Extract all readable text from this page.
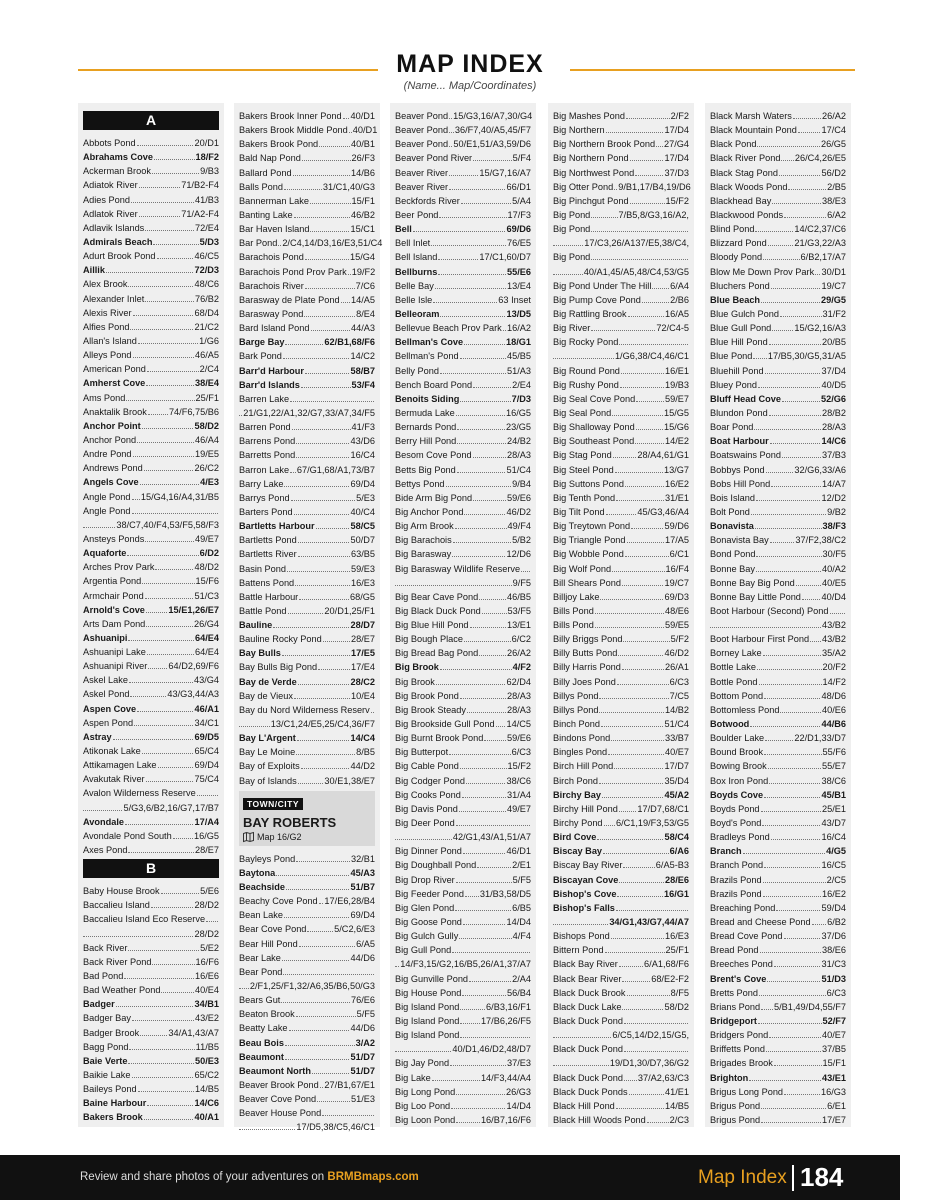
MAP INDEX
(Name... Map/Coordinates)
A
Abbots Pond	20/D1
Abrahams Cove	18/F2
Ackerman Brook	9/B3
Adiatok River	71/B2-F4
Adies Pond	41/B3
Adlatok River	71/A2-F4
Adlavik Islands	72/E4
Admirals Beach	5/D3
Adurt Brook Pond	46/C5
Aillik	72/D3
Alex Brook	48/C6
Alexander Inlet	76/B2
Alexis River	68/D4
Alfies Pond	21/C2
Allan's Island	1/G6
Alleys Pond	46/A5
American Pond	2/C4
Amherst Cove	38/E4
Ams Pond	25/F1
Anaktalik Brook 74/F6,75/B6
Anchor Point	58/D2
Anchor Pond	46/A4
Andre Pond	19/E5
Andrews Pond	26/C2
Angels Cove	4/E3
Angle Pond 15/G4,16/A4,31/B5
Angle Pond
38/C7,40/F4,53/F5,58/F3
Ansteys Ponds	49/E7
Aquaforte	6/D2
Arches Prov Park	48/D2
Argentia Pond	15/F6
Armchair Pond	51/C3
Arnold's Cove	15/E1,26/E7
Arts Dam Pond	26/G4
Ashuanipi	64/E4
Ashuanipi Lake	64/E4
Ashuanipi River 64/D2,69/F6
Askel Lake	43/G4
Askel Pond	43/G3,44/A3
Aspen Cove	46/A1
Aspen Pond	34/C1
Astray	69/D5
Atikonak Lake	65/C4
Attikamagen Lake	69/D4
Avakutak River	75/C4
Avalon Wilderness Reserve
5/G3,6/B2,16/G7,17/B7
Avondale	17/A4
Avondale Pond South 16/G5
Axes Pond	28/E7
B
Baby House Brook	5/E6
Baccalieu Island	28/D2
Baccalieu Island Eco Reserve
28/D2
Back River	5/E2
Back River Pond	16/F6
Bad Pond	16/E6
Bad Weather Pond	40/E4
Badger	34/B1
Badger Bay	43/E2
Badger Brook	34/A1,43/A7
Bagg Pond	11/B5
Baie Verte	50/E3
Baikie Lake	65/C2
Baileys Pond	14/B5
Baine Harbour	14/C6
Bakers Brook	40/A1
Bakers Brook Inner Pond 40/D1
Bakers Brook Middle Pond 40/D1
Bakers Brook Pond	40/B1
Bald Nap Pond	26/F3
Ballard Pond	14/B6
Balls Pond	31/C1,40/G3
Bannerman Lake	15/F1
Banting Lake	46/B2
Bar Haven Island	15/C1
Bar Pond 2/C4,14/D3,16/E3,51/C4
Barachois Pond	15/G4
Barachois Pond Prov Park 19/F2
Barachois River	7/C6
Barasway de Plate Pond 14/A5
Barasway Pond	8/E4
Bard Island Pond	44/A3
Barge Bay	62/B1,68/F6
Bark Pond	14/C2
Barr'd Harbour	58/B7
Barr'd Islands	53/F4
Barren Lake
21/G1,22/A1,32/G7,33/A7,34/F5
Barren Pond	41/F3
Barrens Pond	43/D6
Barretts Pond	16/C4
Barron Lake 67/G1,68/A1,73/B7
Barry Lake	69/D4
Barrys Pond	5/E3
Barters Pond	40/C4
Bartletts Harbour	58/C5
Bartletts Pond	50/D7
Bartletts River	63/B5
Basin Pond	59/E3
Battens Pond	16/E3
Battle Harbour	68/G5
Battle Pond	20/D1,25/F1
Bauline	28/D7
Bauline Rocky Pond	28/E7
Bay Bulls	17/E5
Bay Bulls Big Pond	17/E4
Bay de Verde	28/C2
Bay de Vieux	10/E4
Bay du Nord Wilderness Reserv
13/C1,24/E5,25/C4,36/F7
Bay L'Argent	14/C4
Bay Le Moine	8/B5
Bay of Exploits	44/D2
Bay of Islands	30/E1,38/E7
TOWN/CITY
BAY ROBERTS
Map 16/G2
Bayleys Pond	32/B1
Baytona	45/A3
Beachside	51/B7
Beachy Cove Pond 17/E6,28/B4
Bean Lake	69/D4
Bear Cove Pond	5/C2,6/E3
Bear Hill Pond	6/A5
Bear Lake	44/D6
Bear Pond
2/F1,25/F1,32/A6,35/B6,50/G3
Bears Gut	76/E6
Beaton Brook	5/F5
Beatty Lake	44/D6
Beau Bois	3/A2
Beaumont	51/D7
Beaumont North	51/D7
Beaver Brook Pond 27/B1,67/E1
Beaver Cove Pond	51/E3
Beaver House Pond
17/D5,38/C5,46/C1
Beaver Pond 15/G3,16/A7,30/G4
Beaver Pond 36/F7,40/A5,45/F7
Beaver Pond 50/E1,51/A3,59/D6
Beaver Pond River	5/F4
Beaver River	15/G7,16/A7
Beaver River	66/D1
Beckfords River	5/A4
Beer Pond	17/F3
Bell	69/D6
Bell Inlet	76/E5
Bell Island	17/C1,60/D7
Bellburns	55/E6
Belle Bay	13/E4
Belle Isle	63 Inset
Belleoram	13/D5
Bellevue Beach Prov Park 16/A2
Bellman's Cove	18/G1
Bellman's Pond	45/B5
Belly Pond	51/A3
Bench Board Pond	2/E4
Benoits Siding	7/D3
Bermuda Lake	16/G5
Bernards Pond	23/G5
Berry Hill Pond	24/B2
Besom Cove Pond	28/A3
Betts Big Pond	51/C4
Bettys Pond	9/B4
Bide Arm Big Pond	59/E6
Big Anchor Pond	46/D2
Big Arm Brook	49/F4
Big Barachois	5/B2
Big Barasway	12/D6
Big Barasway Wildlife Reserve
9/F5
Big Bear Cave Pond	46/B5
Big Black Duck Pond	53/F5
Big Blue Hill Pond	13/E1
Big Bough Place	6/C2
Big Bread Bag Pond	26/A2
Big Brook	4/F2
Big Brook	62/D4
Big Brook Pond	28/A3
Big Brook Steady	28/A3
Big Brookside Gull Pond 14/C5
Big Burnt Brook Pond	59/E6
Big Butterpot	6/C3
Big Cable Pond	15/F2
Big Codger Pond	38/C6
Big Cooks Pond	31/A4
Big Davis Pond	49/E7
Big Deer Pond
42/G1,43/A1,51/A7
Big Dinner Pond	46/D1
Big Doughball Pond	2/E1
Big Drop River	5/F5
Big Feeder Pond 31/B3,58/D5
Big Glen Pond	6/B5
Big Goose Pond	14/D4
Big Gulch Gully	4/F4
Big Gull Pond
14/F3,15/G2,16/B5,26/A1,37/A7
Big Gunville Pond	2/A4
Big House Pond	56/B4
Big Island Pond	6/B3,16/F1
Big Island Pond 17/B6,26/F5
Big Island Pond
40/D1,46/D2,48/D7
Big Jay Pond	37/E3
Big Lake	14/F3,44/A4
Big Long Pond	26/G3
Big Loo Pond	14/D4
Big Loon Pond	16/B7,16/F6
Big Mashes Pond	2/F2
Big Northern	17/D4
Big Northern Brook Pond 27/G4
Big Northern Pond	17/D4
Big Northwest Pond	37/D3
Big Otter Pond 9/B1,17/B4,19/D6
Big Pinchgut Pond	15/F2
Big Pond	7/B5,8/G3,16/A2,
Big Pond
17/C3,26/A137/E5,38/C4,
Big Pond
40/A1,45/A5,48/C4,53/G5
Big Pond Under The Hill 6/A4
Big Pump Cove Pond	2/B6
Big Rattling Brook	16/A5
Big River	72/C4-5
Big Rocky Pond
1/G6,38/C4,46/C1
Big Round Pond	16/E1
Big Rushy Pond	19/B3
Big Seal Cove Pond	59/E7
Big Seal Pond	15/G5
Big Shalloway Pond	15/G6
Big Southeast Pond	14/E2
Big Stag Pond	28/A4,61/G1
Big Steel Pond	13/G7
Big Suttons Pond	16/E2
Big Tenth Pond	31/E1
Big Tilt Pond	45/G3,46/A4
Big Treytown Pond	59/D6
Big Triangle Pond	17/A5
Big Wobble Pond	6/C1
Big Wolf Pond	16/F4
Bill Shears Pond	19/C7
Billjoy Lake	69/D3
Bills Pond	48/E6
Bills Pond	59/E5
Billy Briggs Pond	5/F2
Billy Butts Pond	46/D2
Billy Harris Pond	26/A1
Billy Joes Pond	6/C3
Billys Pond	7/C5
Billys Pond	14/B2
Binch Pond	51/C4
Bindons Pond	33/B7
Bingles Pond	40/E7
Birch Hill Pond	17/D7
Birch Pond	35/D4
Birchy Bay	45/A2
Birchy Hill Pond 17/D7,68/C1
Birchy Pond 6/C1,19/F3,53/G5
Bird Cove	58/C4
Biscay Bay	6/A6
Biscay Bay River	6/A5-B3
Biscayan Cove	28/E6
Bishop's Cove	16/G1
Bishop's Falls
34/G1,43/G7,44/A7
Bishops Pond	16/E3
Bittern Pond	25/F1
Black Bay River	6/A1,68/F6
Black Bear River	68/E2-F2
Black Duck Brook	8/F5
Black Duck Lake	58/D2
Black Duck Pond
6/C5,14/D2,15/G5,
Black Duck Pond
19/D1,30/D7,36/G2
Black Duck Pond 37/A2,63/C3
Black Duck Ponds	41/E1
Black Hill Pond	14/B5
Black Hill Woods Pond	2/C3
Black Marsh Waters	26/A2
Black Mountain Pond	17/C4
Black Pond	26/G5
Black River Pond 26/C4,26/E5
Black Stag Pond	56/D2
Black Woods Pond	2/B5
Blackhead Bay	38/E3
Blackwood Ponds	6/A2
Blind Pond	14/C2,37/C6
Blizzard Pond	21/G3,22/A3
Bloody Pond	6/B2,17/A7
Blow Me Down Prov Park 30/D1
Bluchers Pond	19/C7
Blue Beach	29/G5
Blue Gulch Pond	31/F2
Blue Gull Pond	15/G2,16/A3
Blue Hill Pond	20/B5
Blue Pond 17/B5,30/G5,31/A5
Bluehill Pond	37/D4
Bluey Pond	40/D5
Bluff Head Cove	52/G6
Blundon Pond	28/B2
Boar Pond	28/A3
Boat Harbour	14/C6
Boatswains Pond	37/B3
Bobbys Pond	32/G6,33/A6
Bobs Hill Pond	14/A7
Bois Island	12/D2
Bolt Pond	9/B2
Bonavista	38/F3
Bonavista Bay	37/F2,38/C2
Bond Pond	30/F5
Bonne Bay	40/A2
Bonne Bay Big Pond	40/E5
Bonne Bay Little Pond 40/D4
Boot Harbour (Second) Pond
43/B2
Boot Harbour First Pond 43/B2
Borney Lake	35/A2
Bottle Lake	20/F2
Bottle Pond	14/F2
Bottom Pond	48/D6
Bottomless Pond	40/E6
Botwood	44/B6
Boulder Lake	22/D1,33/D7
Bound Brook	55/F6
Bowing Brook	55/E7
Box Iron Pond	38/C6
Boyds Cove	45/B1
Boyds Pond	25/E1
Boyd's Pond	43/D7
Bradleys Pond	16/C4
Branch	4/G5
Branch Pond	16/C5
Brazils Pond	2/C5
Brazils Pond	16/E2
Breaching Pond	59/D4
Bread and Cheese Pond 6/B2
Bread Cove Pond	37/D6
Bread Pond	38/E6
Breeches Pond	31/C3
Brent's Cove	51/D3
Bretts Pond	6/C3
Brians Pond 5/B1,49/D4,55/F7
Bridgeport	52/F7
Bridgers Pond	40/E7
Briffetts Pond	37/B5
Brigades Brook	15/F1
Brighton	43/E1
Brigus Long Pond	16/G3
Brigus Pond	6/E1
Brigus Pond	17/E7
Review and share photos of your adventures on BRMBmaps.com	Map Index 184
